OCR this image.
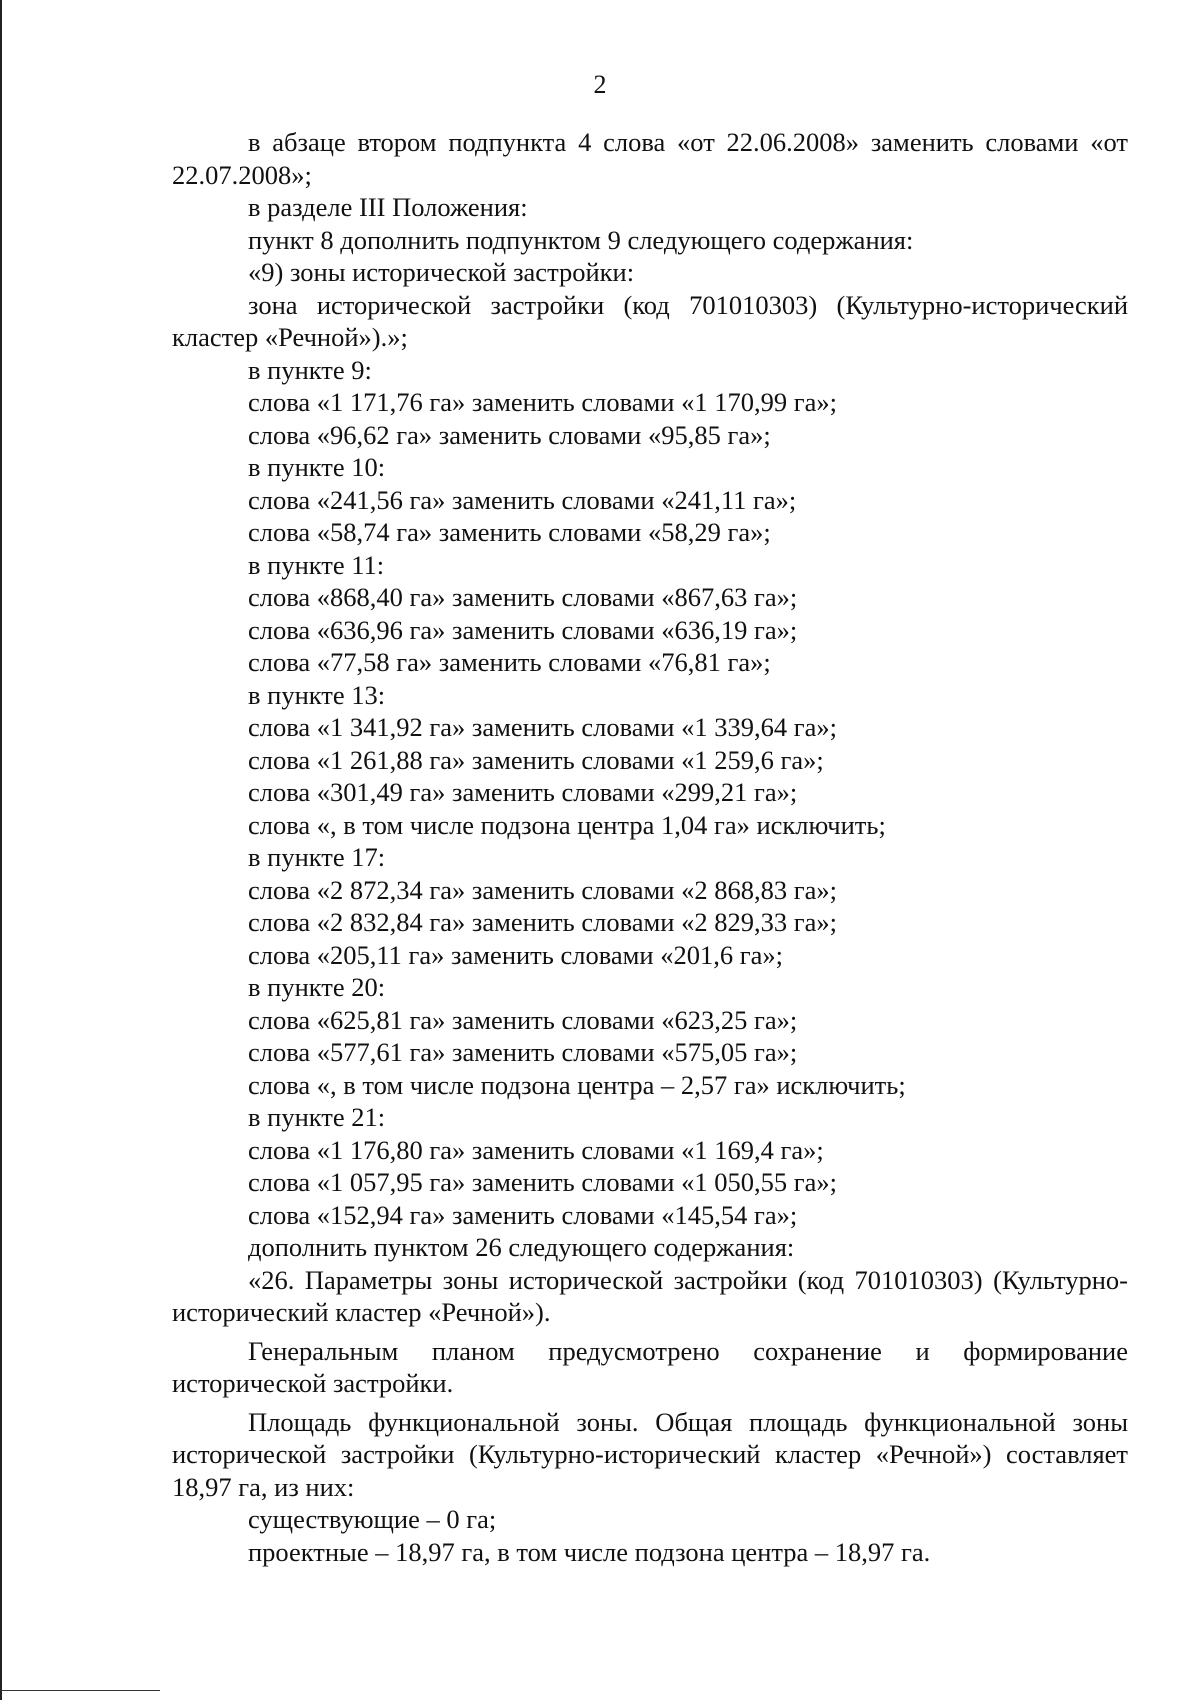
2

в абзаце втором подпункта 4 слова «от 22.06.2008» заменить словами «от 22.07.2008»;

в разделе III Положения:

пункт 8 дополнить подпунктом 9 следующего содержания:

«9) зоны исторической застройки:

зона исторической застройки (код 701010303) (Культурно-исторический кластер «Речной»).»;

в пункте 9:

слова «1 171,76 га» заменить словами «1 170,99 га»;

слова «96,62 га» заменить словами «95,85 га»;

в пункте 10:

слова «241,56 га» заменить словами «241,11 га»;

слова «58,74 га» заменить словами «58,29 га»;

в пункте 11:

слова «868,40 га» заменить словами «867,63 га»;

слова «636,96 га» заменить словами «636,19 га»;

слова «77,58 га» заменить словами «76,81 га»;

в пункте 13:

слова «1 341,92 га» заменить словами «1 339,64 га»;

слова «1 261,88 га» заменить словами «1 259,6 га»;

слова «301,49 га» заменить словами «299,21 га»;

слова «, в том числе подзона центра 1,04 га» исключить;

в пункте 17:

слова «2 872,34 га» заменить словами «2 868,83 га»;

слова «2 832,84 га» заменить словами «2 829,33 га»;

слова «205,11 га» заменить словами «201,6 га»;

в пункте 20:

слова «625,81 га» заменить словами «623,25 га»;

слова «577,61 га» заменить словами «575,05 га»;

слова «, в том числе подзона центра – 2,57 га» исключить;

в пункте 21:

слова «1 176,80 га» заменить словами «1 169,4 га»;

слова «1 057,95 га» заменить словами «1 050,55 га»;

слова «152,94 га» заменить словами «145,54 га»;

дополнить пунктом 26 следующего содержания:

«26. Параметры зоны исторической застройки (код 701010303) (Культурно-исторический кластер «Речной»).

Генеральным планом предусмотрено сохранение и формирование исторической застройки.

Площадь функциональной зоны. Общая площадь функциональной зоны исторической застройки (Культурно-исторический кластер «Речной») составляет 18,97 га, из них:

существующие – 0 га;

проектные – 18,97 га, в том числе подзона центра – 18,97 га.
